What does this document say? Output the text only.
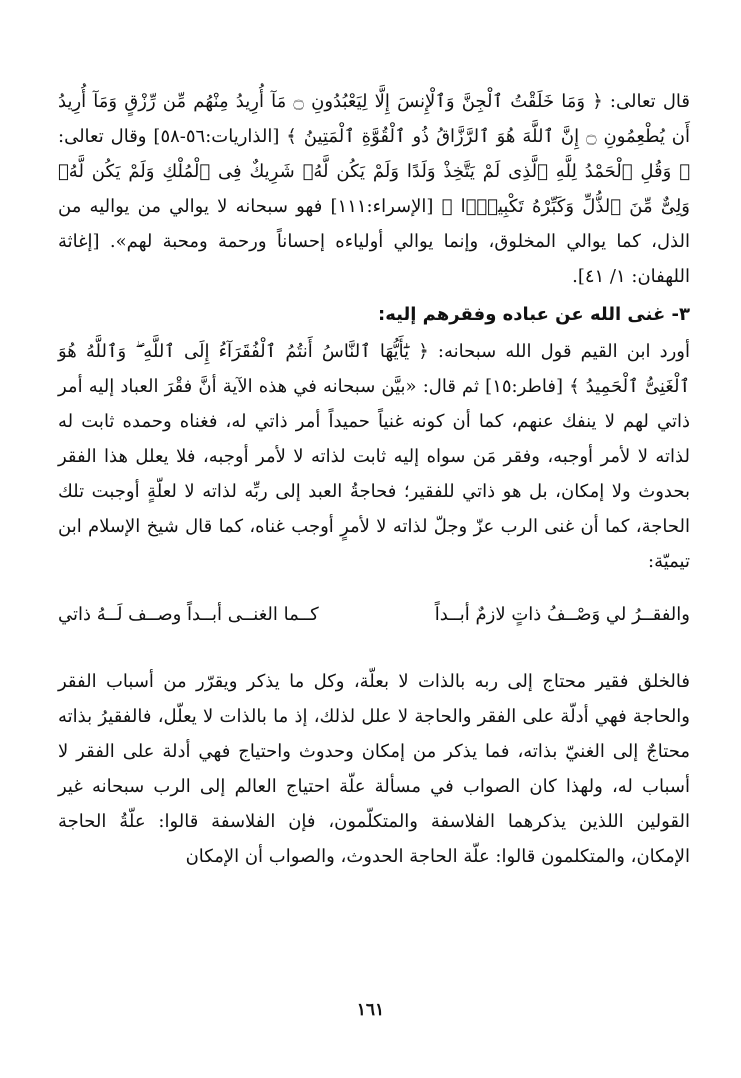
قال تعالى: ﴿ وَمَا خَلَقْتُ ٱلْجِنَّ وَٱلْإِنسَ إِلَّا لِيَعْبُدُونِ ۝ مَآ أُرِيدُ مِنْهُم مِّن رِّزْقٍ وَمَآ أُرِيدُ أَن يُطْعِمُونِ ۝ إِنَّ ٱللَّهَ هُوَ ٱلرَّزَّاقُ ذُو ٱلْقُوَّةِ ٱلْمَتِينُ ﴾ [الذاريات:٥٦-٥٨] وقال تعالى: ﴿ وَقُلِ ٱلْحَمْدُ لِلَّهِ ٱلَّذِى لَمْ يَتَّخِذْ وَلَدًا وَلَمْ يَكُن لَّهُۥ شَرِيكٌ فِى ٱلْمُلْكِ وَلَمْ يَكُن لَّهُۥ وَلِىٌّ مِّنَ ٱلذُّلِّ وَكَبِّرْهُ تَكْبِيرًۢا ﴾ [الإسراء:١١١] فهو سبحانه لا يوالي من يواليه من الذل، كما يوالي المخلوق، وإنما يوالي أولياءه إحساناً ورحمة ومحبة لهم». [إغاثة اللهفان: ١/ ٤١].

٣- غنى الله عن عباده وفقرهم إليه:

أورد ابن القيم قول الله سبحانه: ﴿ يَٰٓأَيُّهَا ٱلنَّاسُ أَنتُمُ ٱلْفُقَرَآءُ إِلَى ٱللَّهِ ۖ وَٱللَّهُ هُوَ ٱلْغَنِىُّ ٱلْحَمِيدُ ﴾ [فاطر:١٥] ثم قال: «بيَّن سبحانه في هذه الآية أنَّ فقْرَ العباد إليه أمر ذاتي لهم لا ينفك عنهم، كما أن كونه غنياً حميداً أمر ذاتي له، فغناه وحمده ثابت له لذاته لا لأمر أوجبه، وفقر مَن سواه إليه ثابت لذاته لا لأمر أوجبه، فلا يعلل هذا الفقر بحدوث ولا إمكان، بل هو ذاتي للفقير؛ فحاجةُ العبد إلى ربِّه لذاته لا لعلّةٍ أوجبت تلك الحاجة، كما أن غنى الرب عزّ وجلّ لذاته لا لأمرٍ أوجب غناه، كما قال شيخ الإسلام ابن تيميّة:

والفقــرُ لي وَصْــفُ ذاتٍ لازمٌ أبــداً
كــما الغنــى أبــداً وصــف لَــهُ ذاتي

فالخلق فقير محتاج إلى ربه بالذات لا بعلّة، وكل ما يذكر ويقرّر من أسباب الفقر والحاجة فهي أدلّة على الفقر والحاجة لا علل لذلك، إذ ما بالذات لا يعلّل، فالفقيرُ بذاته محتاجٌ إلى الغنيّ بذاته، فما يذكر من إمكان وحدوث واحتياج فهي أدلة على الفقر لا أسباب له، ولهذا كان الصواب في مسألة علّة احتياج العالم إلى الرب سبحانه غير القولين اللذين يذكرهما الفلاسفة والمتكلّمون، فإن الفلاسفة قالوا: علّةُ الحاجة الإمكان، والمتكلمون قالوا: علّة الحاجة الحدوث، والصواب أن الإمكان

١٦١
